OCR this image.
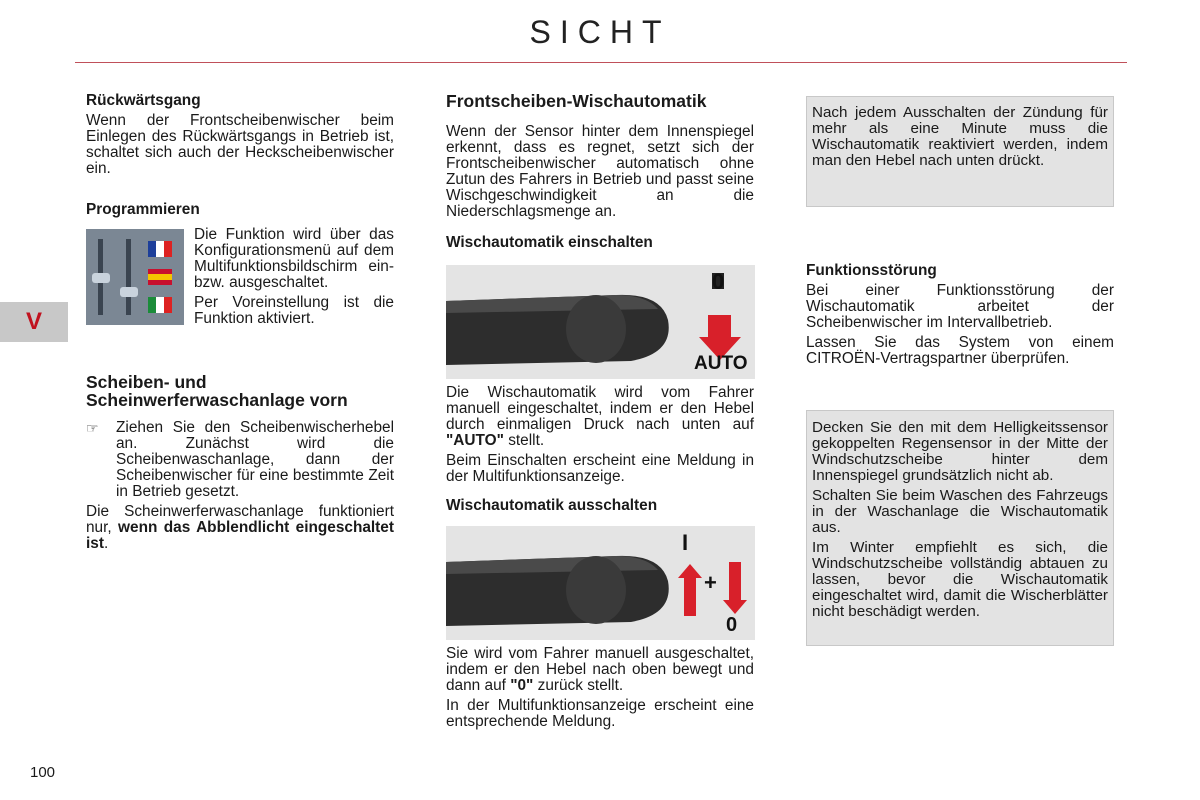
SICHT
V
100
Rückwärtsgang

Wenn der Frontscheibenwischer beim Einlegen des Rückwärtsgangs in Betrieb ist, schaltet sich auch der Heckscheibenwischer ein.

Programmieren

Die Funktion wird über das Konfigurationsmenü auf dem Multifunktionsbildschirm ein- bzw. ausgeschaltet.

Per Voreinstellung ist die Funktion aktiviert.

Scheiben- und Scheinwerferwaschanlage vorn
☞ Ziehen Sie den Scheibenwischerhebel an. Zunächst wird die Scheibenwaschanlage, dann der Scheibenwischer für eine bestimmte Zeit in Betrieb gesetzt.

Die Scheinwerferwaschanlage funktioniert nur, wenn das Abblendlicht eingeschaltet ist.

Frontscheiben-Wischautomatik

Wenn der Sensor hinter dem Innenspiegel erkennt, dass es regnet, setzt sich der Frontscheibenwischer automatisch ohne Zutun des Fahrers in Betrieb und passt seine Wischgeschwindigkeit an die Niederschlagsmenge an.

Wischautomatik einschalten
0
AUTO

Die Wischautomatik wird vom Fahrer manuell eingeschaltet, indem er den Hebel durch einmaligen Druck nach unten auf "AUTO" stellt.

Beim Einschalten erscheint eine Meldung in der Multifunktionsanzeige.

Wischautomatik ausschalten
I
+
0

Sie wird vom Fahrer manuell ausgeschaltet, indem er den Hebel nach oben bewegt und dann auf "0" zurück stellt.

In der Multifunktionsanzeige erscheint eine entsprechende Meldung.

Nach jedem Ausschalten der Zündung für mehr als eine Minute muss die Wischautomatik reaktiviert werden, indem man den Hebel nach unten drückt.

Funktionsstörung

Bei einer Funktionsstörung der Wischautomatik arbeitet der Scheibenwischer im Intervallbetrieb.

Lassen Sie das System von einem CITROËN-Vertragspartner überprüfen.

Decken Sie den mit dem Helligkeitssensor gekoppelten Regensensor in der Mitte der Windschutzscheibe hinter dem Innenspiegel grundsätzlich nicht ab.

Schalten Sie beim Waschen des Fahrzeugs in der Waschanlage die Wischautomatik aus.

Im Winter empfiehlt es sich, die Windschutzscheibe vollständig abtauen zu lassen, bevor die Wischautomatik eingeschaltet wird, damit die Wischerblätter nicht beschädigt werden.
